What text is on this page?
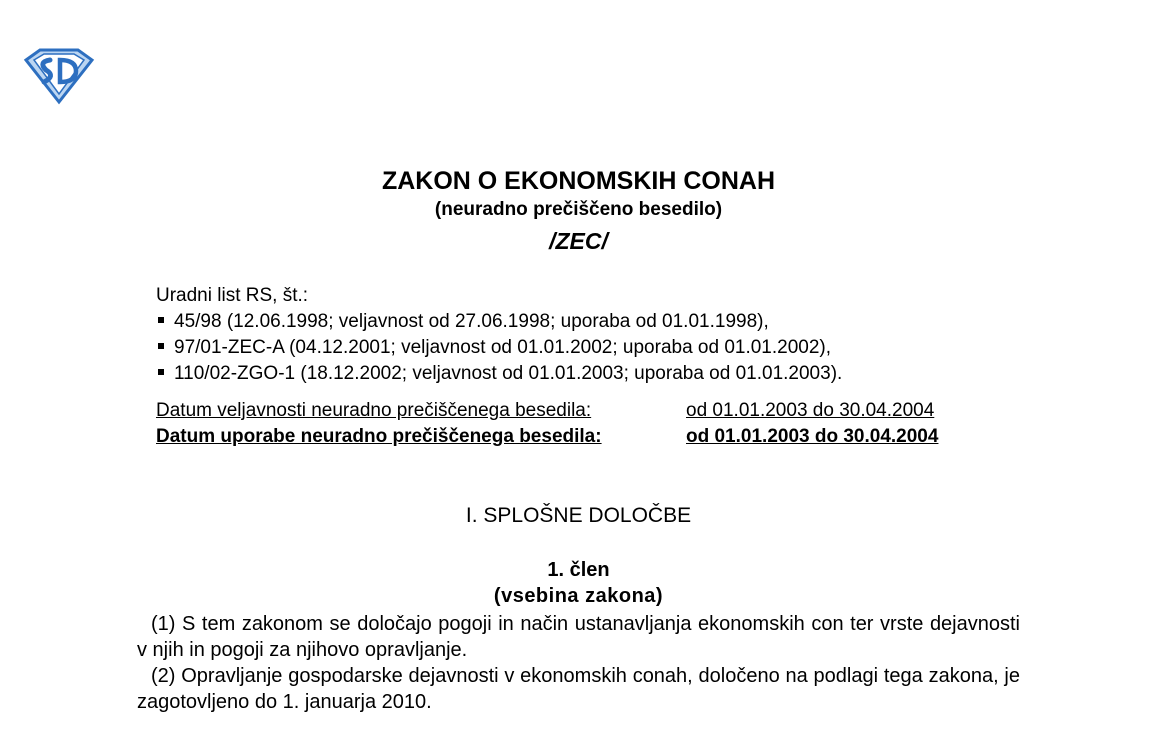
ZAKON O EKONOMSKIH CONAH
(neuradno prečiščeno besedilo)
/ZEC/
Uradni list RS, št.:
45/98 (12.06.1998; veljavnost od 27.06.1998; uporaba od 01.01.1998),
97/01-ZEC-A (04.12.2001; veljavnost od 01.01.2002; uporaba od 01.01.2002),
110/02-ZGO-1 (18.12.2002; veljavnost od 01.01.2003; uporaba od 01.01.2003).
Datum veljavnosti neuradno prečiščenega besedila:	od 01.01.2003 do 30.04.2004
Datum uporabe neuradno prečiščenega besedila:	od 01.01.2003 do 30.04.2004
I. SPLOŠNE DOLOČBE
1. člen
(vsebina zakona)

(1) S tem zakonom se določajo pogoji in način ustanavljanja ekonomskih con ter vrste dejavnosti v njih in pogoji za njihovo opravljanje.

(2) Opravljanje gospodarske dejavnosti v ekonomskih conah, določeno na podlagi tega zakona, je zagotovljeno do 1. januarja 2010.
